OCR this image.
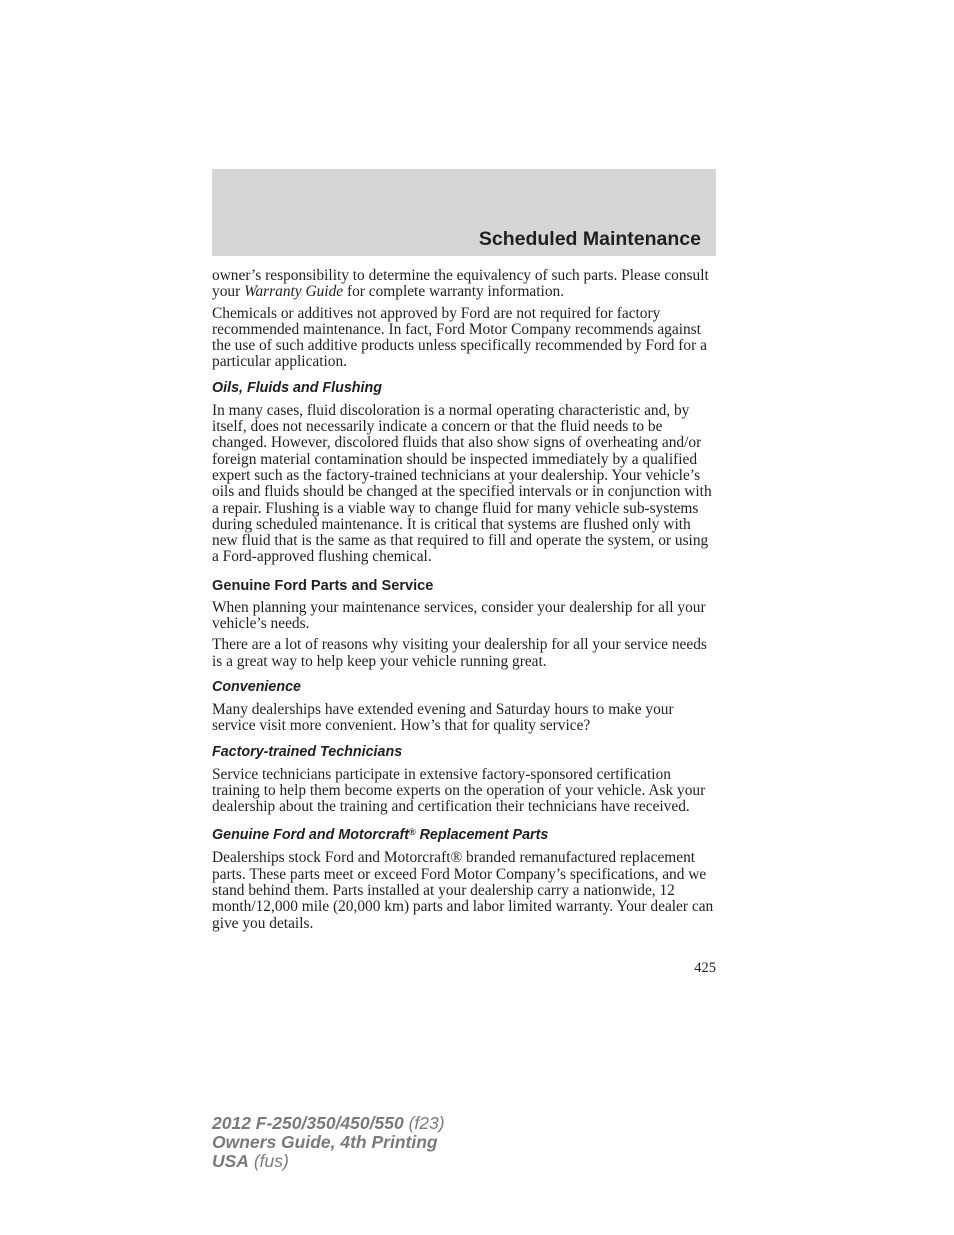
Scheduled Maintenance

owner’s responsibility to determine the equivalency of such parts. Please consult your Warranty Guide for complete warranty information.

Chemicals or additives not approved by Ford are not required for factory recommended maintenance. In fact, Ford Motor Company recommends against the use of such additive products unless specifically recommended by Ford for a particular application.

Oils, Fluids and Flushing

In many cases, fluid discoloration is a normal operating characteristic and, by itself, does not necessarily indicate a concern or that the fluid needs to be changed. However, discolored fluids that also show signs of overheating and/or foreign material contamination should be inspected immediately by a qualified expert such as the factory-trained technicians at your dealership. Your vehicle’s oils and fluids should be changed at the specified intervals or in conjunction with a repair. Flushing is a viable way to change fluid for many vehicle sub-systems during scheduled maintenance. It is critical that systems are flushed only with new fluid that is the same as that required to fill and operate the system, or using a Ford-approved flushing chemical.

Genuine Ford Parts and Service

When planning your maintenance services, consider your dealership for all your vehicle’s needs.

There are a lot of reasons why visiting your dealership for all your service needs is a great way to help keep your vehicle running great.

Convenience

Many dealerships have extended evening and Saturday hours to make your service visit more convenient. How’s that for quality service?

Factory-trained Technicians

Service technicians participate in extensive factory-sponsored certification training to help them become experts on the operation of your vehicle. Ask your dealership about the training and certification their technicians have received.

Genuine Ford and Motorcraft® Replacement Parts

Dealerships stock Ford and Motorcraft® branded remanufactured replacement parts. These parts meet or exceed Ford Motor Company’s specifications, and we stand behind them. Parts installed at your dealership carry a nationwide, 12 month/12,000 mile (20,000 km) parts and labor limited warranty. Your dealer can give you details.

425
2012 F-250/350/450/550 (f23)
Owners Guide, 4th Printing
USA (fus)
